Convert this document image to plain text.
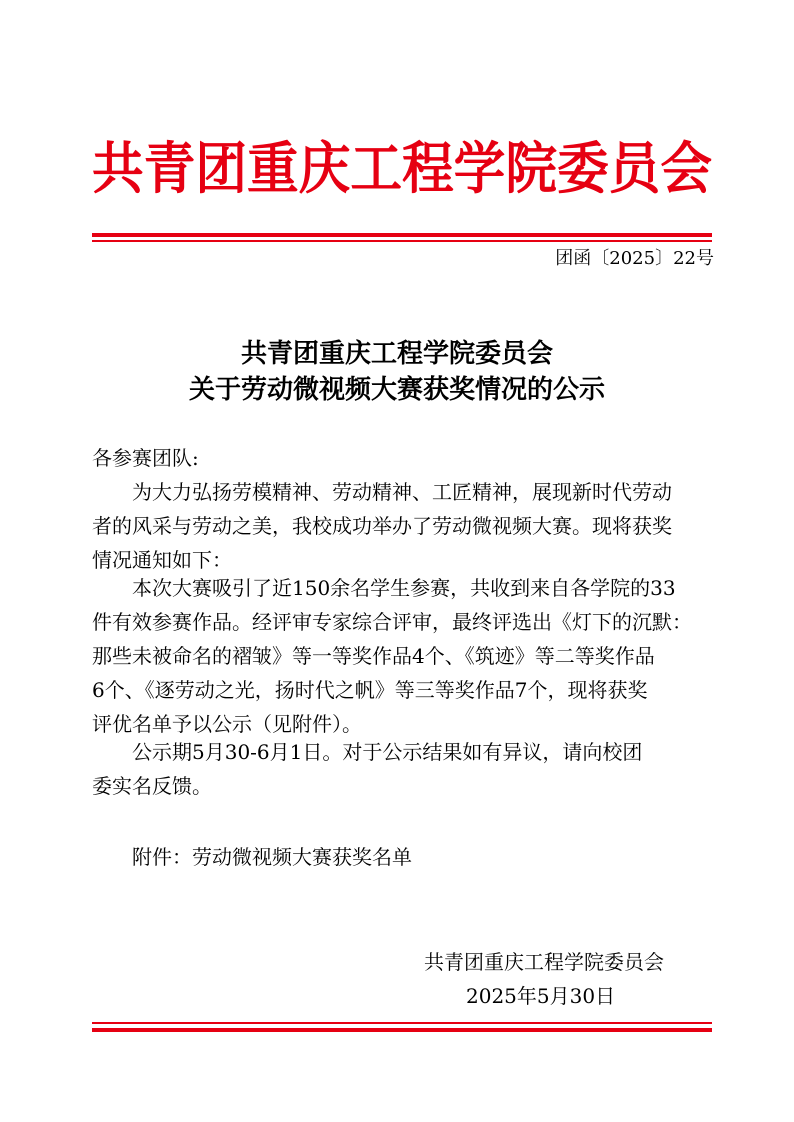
共青团重庆工程学院委员会
团函〔2025〕22号
共青团重庆工程学院委员会
关于劳动微视频大赛获奖情况的公示
各参赛团队:
为大力弘扬劳模精神、劳动精神、工匠精神，展现新时代劳动
者的风采与劳动之美，我校成功举办了劳动微视频大赛。现将获奖
情况通知如下：
本次大赛吸引了近150余名学生参赛，共收到来自各学院的33
件有效参赛作品。经评审专家综合评审，最终评选出《灯下的沉默：
那些未被命名的褶皱》等一等奖作品4个、《筑迹》等二等奖作品
6个、《逐劳动之光，扬时代之帆》等三等奖作品7个，现将获奖
评优名单予以公示（见附件）。
公示期5月30-6月1日。对于公示结果如有异议，请向校团
委实名反馈。
附件：劳动微视频大赛获奖名单
共青团重庆工程学院委员会
2025年5月30日
